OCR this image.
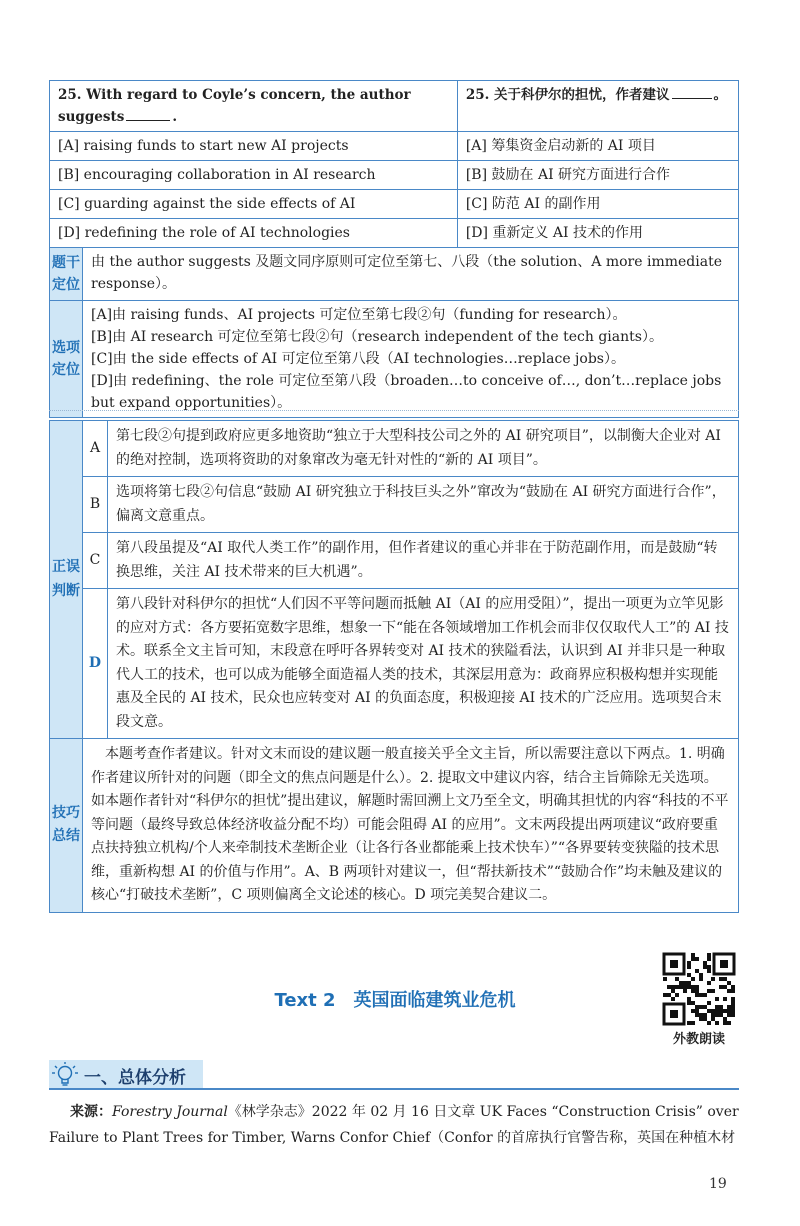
25. With regard to Coyle’s concern, the author suggests .		25. 关于科伊尔的担忧，作者建议 。
[A] raising funds to start new AI projects		[A] 筹集资金启动新的 AI 项目
[B] encouraging collaboration in AI research		[B] 鼓励在 AI 研究方面进行合作
[C] guarding against the side effects of AI		[C] 防范 AI 的副作用
[D] redefining the role of AI technologies		[D] 重新定义 AI 技术的作用
题干定位	由 the author suggests 及题文同序原则可定位至第七、八段（the solution、A more immediate response）。	
选项定位	[A]由 raising funds、AI projects 可定位至第七段②句（funding for research）。

[B]由 AI research 可定位至第七段②句（research independent of the tech giants）。

[C]由 the side effects of AI 可定位至第八段（AI technologies…replace jobs）。

[D]由 redefining、the role 可定位至第八段（broaden…to conceive of…, don’t…replace jobs but expand opportunities）。	

正误判断	A	第七段②句提到政府应更多地资助“独立于大型科技公司之外的 AI 研究项目”，以制衡大企业对 AI 的绝对控制，选项将资助的对象窜改为毫无针对性的“新的 AI 项目”。
	B	选项将第七段②句信息“鼓励 AI 研究独立于科技巨头之外”窜改为“鼓励在 AI 研究方面进行合作”，偏离文意重点。
	C	第八段虽提及“AI 取代人类工作”的副作用，但作者建议的重心并非在于防范副作用，而是鼓励“转换思维，关注 AI 技术带来的巨大机遇”。
	D	第八段针对科伊尔的担忧“人们因不平等问题而抵触 AI（AI 的应用受阻）”，提出一项更为立竿见影的应对方式：各方要拓宽数字思维，想象一下“能在各领域增加工作机会而非仅仅取代人工”的 AI 技术。联系全文主旨可知，末段意在呼吁各界转变对 AI 技术的狭隘看法，认识到 AI 并非只是一种取代人工的技术，也可以成为能够全面造福人类的技术，其深层用意为：政商界应积极构想并实现能惠及全民的 AI 技术，民众也应转变对 AI 的负面态度，积极迎接 AI 技术的广泛应用。选项契合末段文意。
技巧总结	本题考查作者建议。针对文末而设的建议题一般直接关乎全文主旨，所以需要注意以下两点。1. 明确作者建议所针对的问题（即全文的焦点问题是什么）。2. 提取文中建议内容，结合主旨筛除无关选项。如本题作者针对“科伊尔的担忧”提出建议，解题时需回溯上文乃至全文，明确其担忧的内容“科技的不平等问题（最终导致总体经济收益分配不均）可能会阻碍 AI 的应用”。文末两段提出两项建议“政府要重点扶持独立机构/个人来牵制技术垄断企业（让各行各业都能乘上技术快车）”“各界要转变狭隘的技术思维，重新构想 AI 的价值与作用”。A、B 两项针对建议一，但“帮扶新技术”“鼓励合作”均未触及建议的核心“打破技术垄断”，C 项则偏离全文论述的核心。D 项完美契合建议二。	
Text 2　英国面临建筑业危机
外教朗读
一、总体分析
来源：Forestry Journal《林学杂志》2022 年 02 月 16 日文章 UK Faces “Construction Crisis” over Failure to Plant Trees for Timber, Warns Confor Chief（Confor 的首席执行官警告称，英国在种植木材
19
